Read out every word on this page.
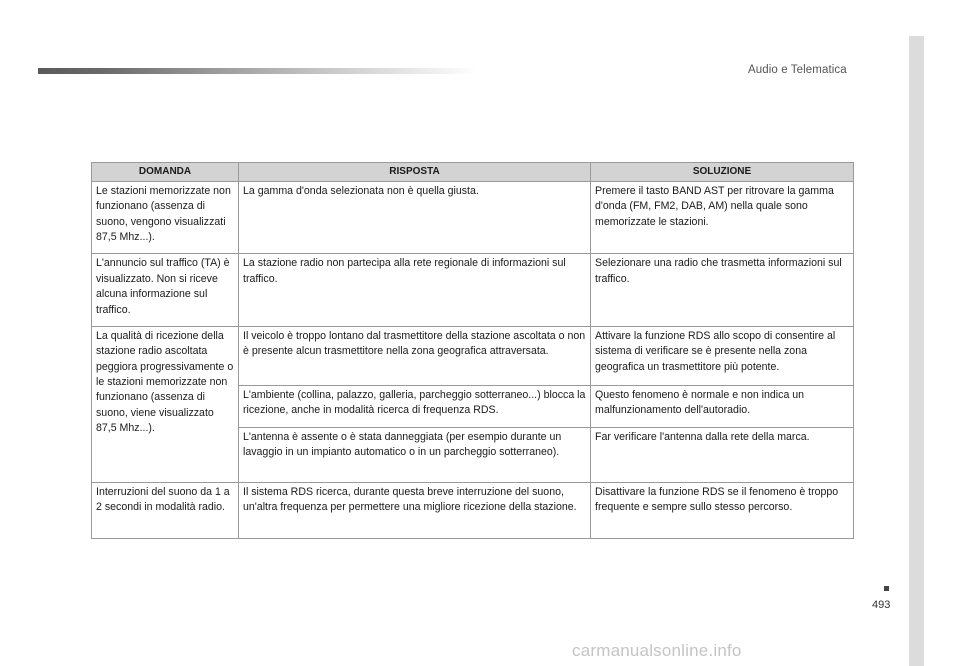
Audio e Telematica
DOMANDA	RISPOSTA	SOLUZIONE
Le stazioni memorizzate non funzionano (assenza di suono, vengono visualizzati 87,5 Mhz...).	La gamma d'onda selezionata non è quella giusta.	Premere il tasto BAND AST per ritrovare la gamma d'onda (FM, FM2, DAB, AM) nella quale sono memorizzate le stazioni.
L'annuncio sul traffico (TA) è visualizzato. Non si riceve alcuna informazione sul traffico.	La stazione radio non partecipa alla rete regionale di informazioni sul traffico.	Selezionare una radio che trasmetta informazioni sul traffico.
La qualità di ricezione della stazione radio ascoltata peggiora progressivamente o le stazioni memorizzate non funzionano (assenza di suono, viene visualizzato 87,5 Mhz...).	Il veicolo è troppo lontano dal trasmettitore della stazione ascoltata o non è presente alcun trasmettitore nella zona geografica attraversata.	Attivare la funzione RDS allo scopo di consentire al sistema di verificare se è presente nella zona geografica un trasmettitore più potente.
	L'ambiente (collina, palazzo, galleria, parcheggio sotterraneo...) blocca la ricezione, anche in modalità ricerca di frequenza RDS.	Questo fenomeno è normale e non indica un malfunzionamento dell'autoradio.
	L'antenna è assente o è stata danneggiata (per esempio durante un lavaggio in un impianto automatico o in un parcheggio sotterraneo).	Far verificare l'antenna dalla rete della marca.
Interruzioni del suono da 1 a 2 secondi in modalità radio.	Il sistema RDS ricerca, durante questa breve interruzione del suono, un'altra frequenza per permettere una migliore ricezione della stazione.	Disattivare la funzione RDS se il fenomeno è troppo frequente e sempre sullo stesso percorso.
493
carmanualsonline.info
